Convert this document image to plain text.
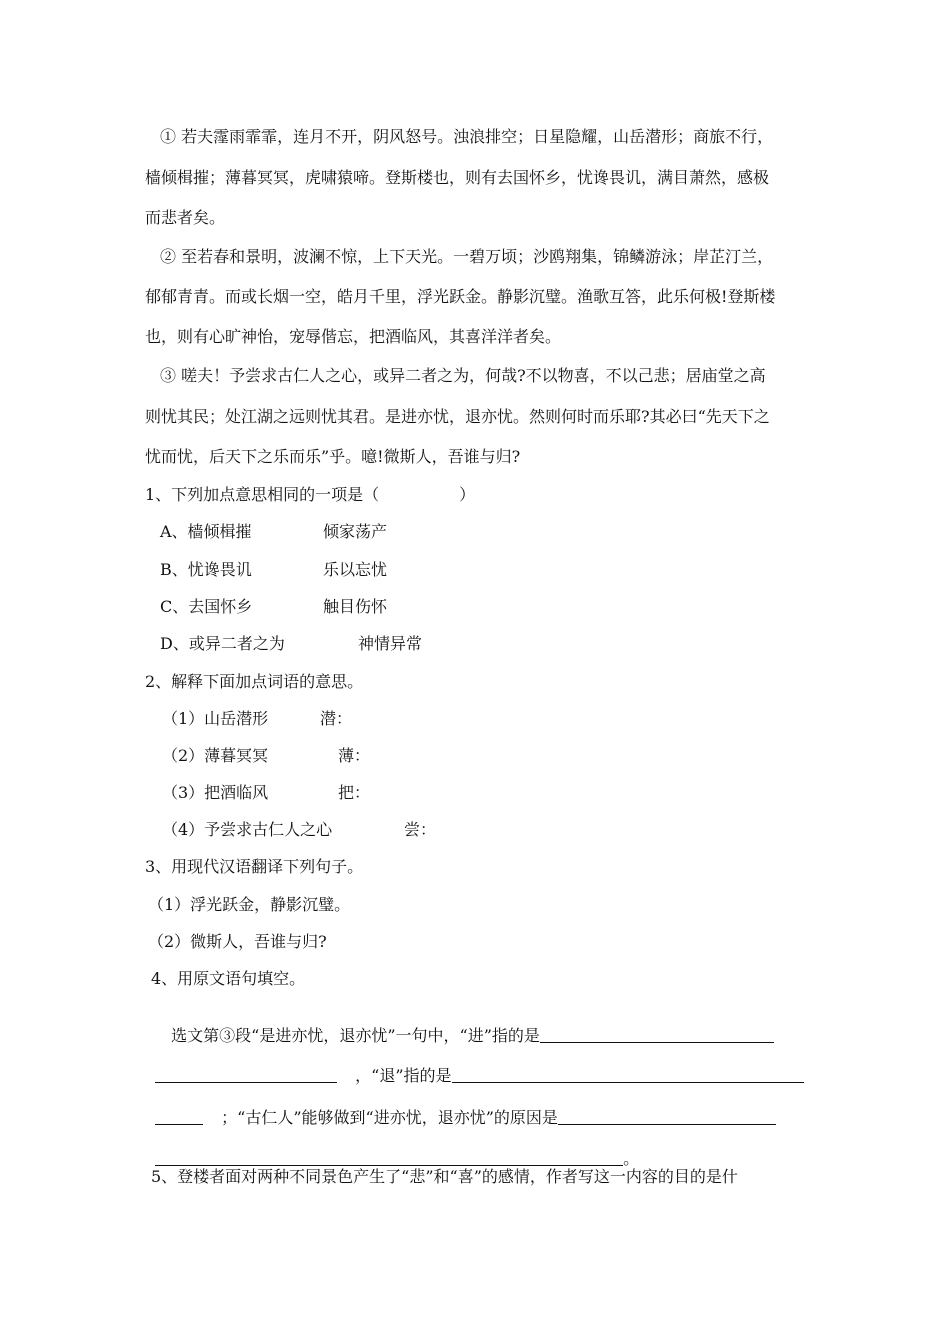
① 若夫霪雨霏霏，连月不开，阴风怒号。浊浪排空；日星隐耀，山岳潜形；商旅不行，
樯倾楫摧；薄暮冥冥，虎啸猿啼。登斯楼也，则有去国怀乡，忧谗畏讥，满目萧然，感极
而悲者矣。
② 至若春和景明，波澜不惊，上下天光。一碧万顷；沙鸥翔集，锦鳞游泳；岸芷汀兰，
郁郁青青。而或长烟一空，皓月千里，浮光跃金。静影沉璧。渔歌互答，此乐何极!登斯楼
也，则有心旷神怡，宠辱偕忘，把酒临风，其喜洋洋者矣。
③ 嗟夫！予尝求古仁人之心，或异二者之为，何哉?不以物喜，不以己悲；居庙堂之高
则忧其民；处江湖之远则忧其君。是进亦忧，退亦忧。然则何时而乐耶?其必曰“先天下之
忧而忧，后天下之乐而乐”乎。噫!微斯人，吾谁与归?
1、下列加点意思相同的一项是（　　　　　）
A、樯倾楫摧	倾家荡产
B、忧谗畏讥	乐以忘忧
C、去国怀乡	触目伤怀
D、或异二者之为	神情异常
2、解释下面加点词语的意思。
（1）山岳潜形	潜：
（2）薄暮冥冥	薄：
（3）把酒临风	把：
（4）予尝求古仁人之心	尝：
3、用现代汉语翻译下列句子。
（1）浮光跃金，静影沉璧。
（2）微斯人，吾谁与归?
4、用原文语句填空。

选文第③段“是进亦忧，退亦忧”一句中，“进”指的是

，“退”指的是

；“古仁人”能够做到“进亦忧，退亦忧”的原因是

。

5、登楼者面对两种不同景色产生了“悲”和“喜”的感情，作者写这一内容的目的是什
